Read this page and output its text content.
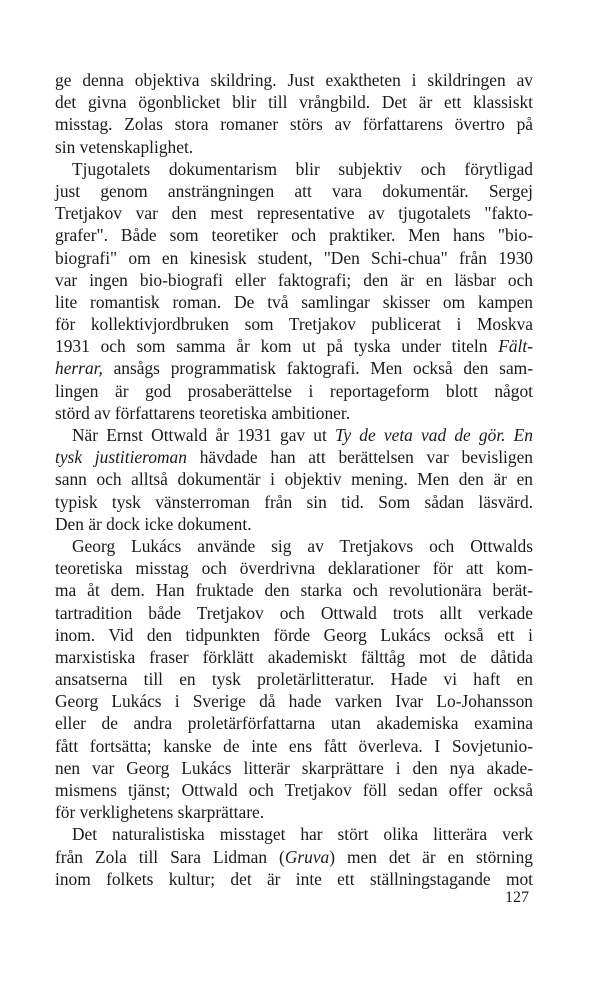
ge denna objektiva skildring. Just exaktheten i skildringen av
det givna ögonblicket blir till vrångbild. Det är ett klassiskt
misstag. Zolas stora romaner störs av författarens övertro på
sin vetenskaplighet.
Tjugotalets dokumentarism blir subjektiv och förytligad
just genom ansträngningen att vara dokumentär. Sergej
Tretjakov var den mest representative av tjugotalets "fakto-
grafer". Både som teoretiker och praktiker. Men hans "bio-
biografi" om en kinesisk student, "Den Schi-chua" från 1930
var ingen bio-biografi eller faktografi; den är en läsbar och
lite romantisk roman. De två samlingar skisser om kampen
för kollektivjordbruken som Tretjakov publicerat i Moskva
1931 och som samma år kom ut på tyska under titeln Fält-
herrar, ansågs programmatisk faktografi. Men också den sam-
lingen är god prosaberättelse i reportageform blott något
störd av författarens teoretiska ambitioner.
När Ernst Ottwald år 1931 gav ut Ty de veta vad de gör. En
tysk justitieroman hävdade han att berättelsen var bevisligen
sann och alltså dokumentär i objektiv mening. Men den är en
typisk tysk vänsterroman från sin tid. Som sådan läsvärd.
Den är dock icke dokument.
Georg Lukács använde sig av Tretjakovs och Ottwalds
teoretiska misstag och överdrivna deklarationer för att kom-
ma åt dem. Han fruktade den starka och revolutionära berät-
tartradition både Tretjakov och Ottwald trots allt verkade
inom. Vid den tidpunkten förde Georg Lukács också ett i
marxistiska fraser förklätt akademiskt fälttåg mot de dåtida
ansatserna till en tysk proletärlitteratur. Hade vi haft en
Georg Lukács i Sverige då hade varken Ivar Lo-Johansson
eller de andra proletärförfattarna utan akademiska examina
fått fortsätta; kanske de inte ens fått överleva. I Sovjetunio-
nen var Georg Lukács litterär skarprättare i den nya akade-
mismens tjänst; Ottwald och Tretjakov föll sedan offer också
för verklighetens skarprättare.
Det naturalistiska misstaget har stört olika litterära verk
från Zola till Sara Lidman (Gruva) men det är en störning
inom folkets kultur; det är inte ett ställningstagande mot
127
